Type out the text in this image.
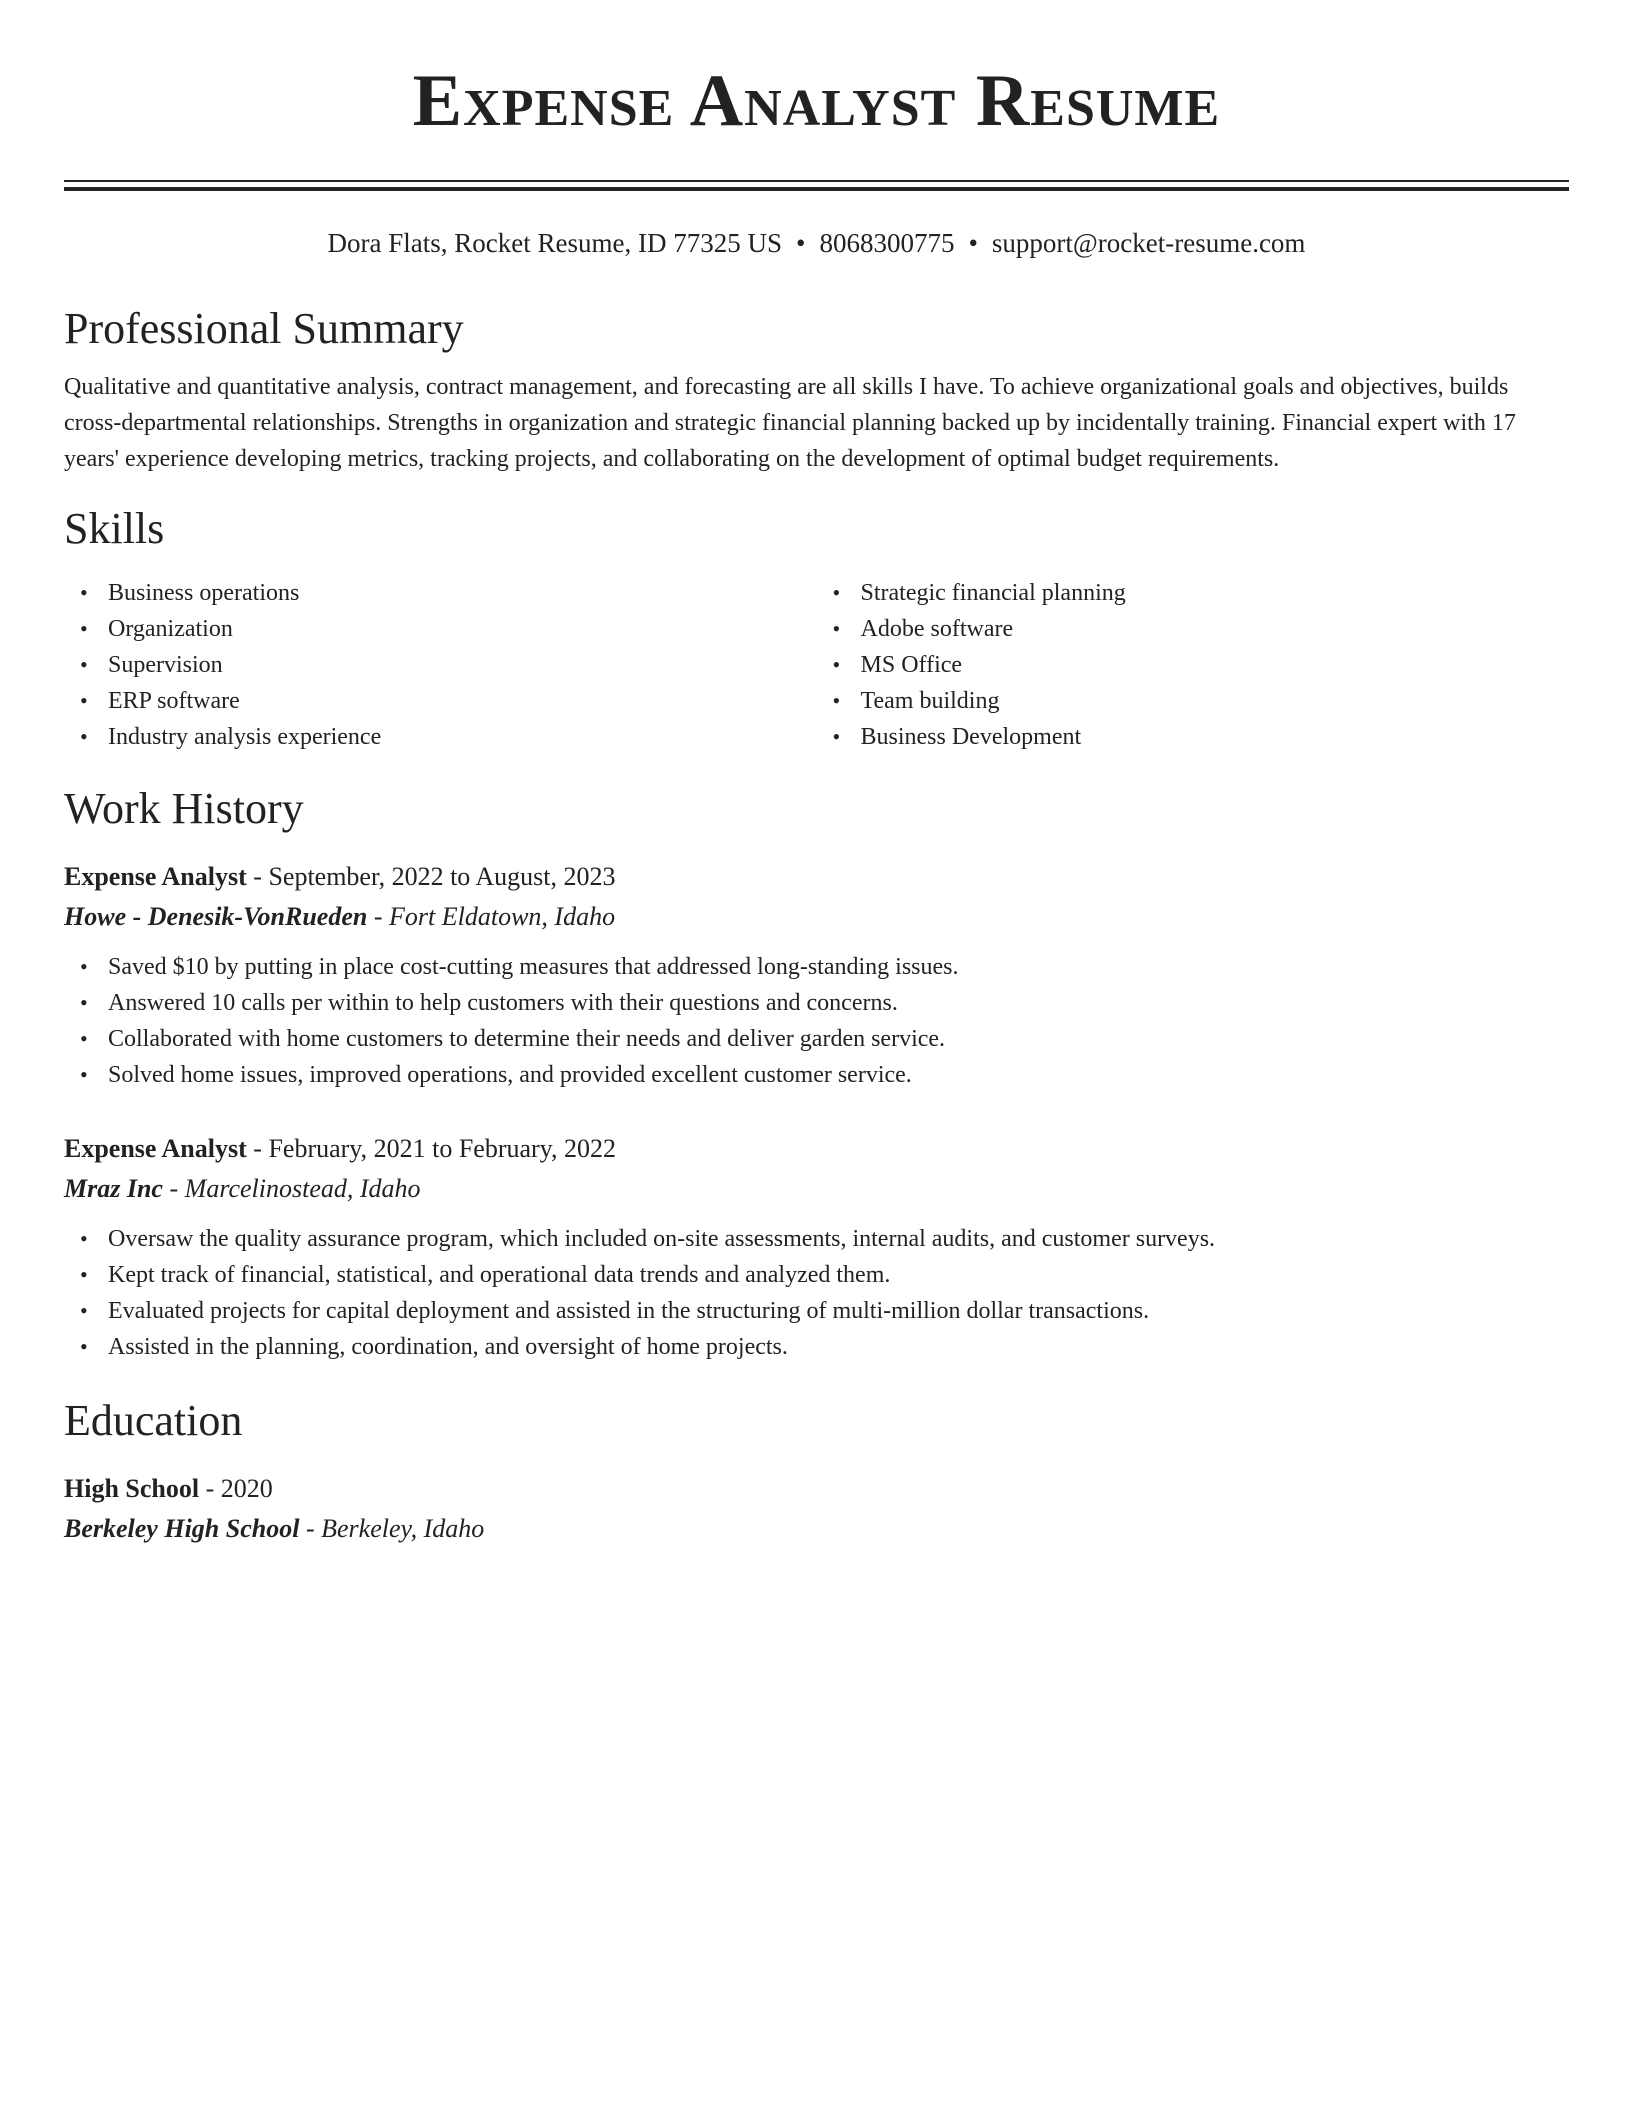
Expense Analyst Resume
Dora Flats, Rocket Resume, ID 77325 US • 8068300775 • support@rocket-resume.com
Professional Summary

Qualitative and quantitative analysis, contract management, and forecasting are all skills I have. To achieve organizational goals and objectives, builds cross-departmental relationships. Strengths in organization and strategic financial planning backed up by incidentally training. Financial expert with 17 years' experience developing metrics, tracking projects, and collaborating on the development of optimal budget requirements.

Skills
• Business operations
• Organization
• Supervision
• ERP software
• Industry analysis experience
• Strategic financial planning
• Adobe software
• MS Office
• Team building
• Business Development
Work History
Expense Analyst - September, 2022 to August, 2023
Howe - Denesik-VonRueden - Fort Eldatown, Idaho
• Saved $10 by putting in place cost-cutting measures that addressed long-standing issues.
• Answered 10 calls per within to help customers with their questions and concerns.
• Collaborated with home customers to determine their needs and deliver garden service.
• Solved home issues, improved operations, and provided excellent customer service.
Expense Analyst - February, 2021 to February, 2022
Mraz Inc - Marcelinostead, Idaho
• Oversaw the quality assurance program, which included on-site assessments, internal audits, and customer surveys.
• Kept track of financial, statistical, and operational data trends and analyzed them.
• Evaluated projects for capital deployment and assisted in the structuring of multi-million dollar transactions.
• Assisted in the planning, coordination, and oversight of home projects.
Education
High School - 2020
Berkeley High School - Berkeley, Idaho
